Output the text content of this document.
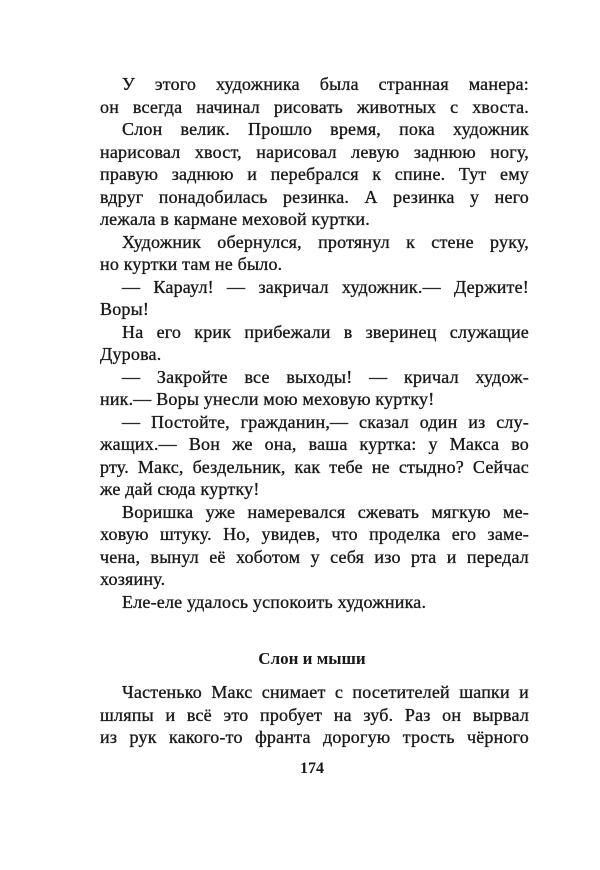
У этого художника была странная манера:
он всегда начинал рисовать животных с хвоста.
Слон велик. Прошло время, пока художник
нарисовал хвост, нарисовал левую заднюю ногу,
правую заднюю и перебрался к спине. Тут ему
вдруг понадобилась резинка. А резинка у него
лежала в кармане меховой куртки.
Художник обернулся, протянул к стене руку,
но куртки там не было.
— Караул! — закричал художник.— Держите!
Воры!
На его крик прибежали в зверинец служащие
Дурова.
— Закройте все выходы! — кричал худож-
ник.— Воры унесли мою меховую куртку!
— Постойте, гражданин,— сказал один из слу-
жащих.— Вон же она, ваша куртка: у Макса во
рту. Макс, бездельник, как тебе не стыдно? Сейчас
же дай сюда куртку!
Воришка уже намеревался сжевать мягкую ме-
ховую штуку. Но, увидев, что проделка его заме-
чена, вынул её хоботом у себя изо рта и передал
хозяину.
Еле-еле удалось успокоить художника.
Слон и мыши
Частенько Макс снимает с посетителей шапки и
шляпы и всё это пробует на зуб. Раз он вырвал
из рук какого-то франта дорогую трость чёрного
174
